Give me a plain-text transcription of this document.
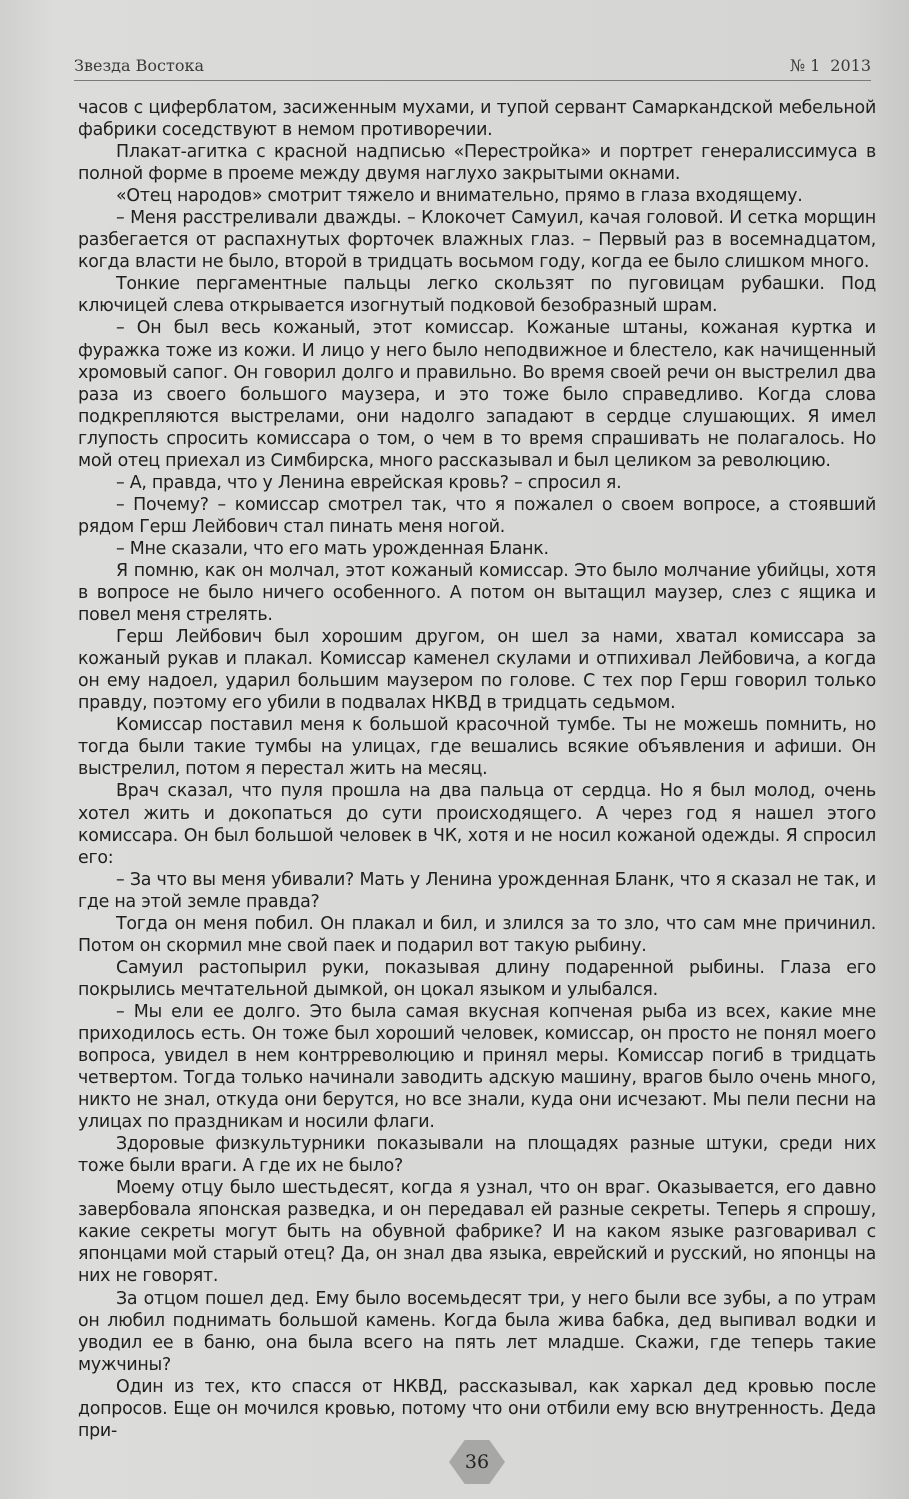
Звезда Востока	№ 1 2013

часов с циферблатом, засиженным мухами, и тупой сервант Самаркандской мебельной фабрики соседствуют в немом противоречии.

Плакат-агитка с красной надписью «Перестройка» и портрет генералиссимуса в полной форме в проеме между двумя наглухо закрытыми окнами.

«Отец народов» смотрит тяжело и внимательно, прямо в глаза входящему.

– Меня расстреливали дважды. – Клокочет Самуил, качая головой. И сетка морщин разбегается от распахнутых форточек влажных глаз. – Первый раз в восемнадцатом, когда власти не было, второй в тридцать восьмом году, когда ее было слишком много.

Тонкие пергаментные пальцы легко скользят по пуговицам рубашки. Под ключицей слева открывается изогнутый подковой безобразный шрам.

– Он был весь кожаный, этот комиссар. Кожаные штаны, кожаная куртка и фуражка тоже из кожи. И лицо у него было неподвижное и блестело, как начищенный хромовый сапог. Он говорил долго и правильно. Во время своей речи он выстрелил два раза из своего большого маузера, и это тоже было справедливо. Когда слова подкрепляются выстрелами, они надолго западают в сердце слушающих. Я имел глупость спросить комиссара о том, о чем в то время спрашивать не полагалось. Но мой отец приехал из Симбирска, много рассказывал и был целиком за революцию.

– А, правда, что у Ленина еврейская кровь? – спросил я.

– Почему? – комиссар смотрел так, что я пожалел о своем вопросе, а стоявший рядом Герш Лейбович стал пинать меня ногой.

– Мне сказали, что его мать урожденная Бланк.

Я помню, как он молчал, этот кожаный комиссар. Это было молчание убийцы, хотя в вопросе не было ничего особенного. А потом он вытащил маузер, слез с ящика и повел меня стрелять.

Герш Лейбович был хорошим другом, он шел за нами, хватал комиссара за кожаный рукав и плакал. Комиссар каменел скулами и отпихивал Лейбовича, а когда он ему надоел, ударил большим маузером по голове. С тех пор Герш говорил только правду, поэтому его убили в подвалах НКВД в тридцать седьмом.

Комиссар поставил меня к большой красочной тумбе. Ты не можешь помнить, но тогда были такие тумбы на улицах, где вешались всякие объявления и афиши. Он выстрелил, потом я перестал жить на месяц.

Врач сказал, что пуля прошла на два пальца от сердца. Но я был молод, очень хотел жить и докопаться до сути происходящего. А через год я нашел этого комиссара. Он был большой человек в ЧК, хотя и не носил кожаной одежды. Я спросил его:

– За что вы меня убивали? Мать у Ленина урожденная Бланк, что я сказал не так, и где на этой земле правда?

Тогда он меня побил. Он плакал и бил, и злился за то зло, что сам мне причинил. Потом он скормил мне свой паек и подарил вот такую рыбину.

Самуил растопырил руки, показывая длину подаренной рыбины. Глаза его покрылись мечтательной дымкой, он цокал языком и улыбался.

– Мы ели ее долго. Это была самая вкусная копченая рыба из всех, какие мне приходилось есть. Он тоже был хороший человек, комиссар, он просто не понял моего вопроса, увидел в нем контрреволюцию и принял меры. Комиссар погиб в тридцать четвертом. Тогда только начинали заводить адскую машину, врагов было очень много, никто не знал, откуда они берутся, но все знали, куда они исчезают. Мы пели песни на улицах по праздникам и носили флаги.

Здоровые физкультурники показывали на площадях разные штуки, среди них тоже были враги. А где их не было?

Моему отцу было шестьдесят, когда я узнал, что он враг. Оказывается, его давно завербовала японская разведка, и он передавал ей разные секреты. Теперь я спрошу, какие секреты могут быть на обувной фабрике? И на каком языке разговаривал с японцами мой старый отец? Да, он знал два языка, еврейский и русский, но японцы на них не говорят.

За отцом пошел дед. Ему было восемьдесят три, у него были все зубы, а по утрам он любил поднимать большой камень. Когда была жива бабка, дед выпивал водки и уводил ее в баню, она была всего на пять лет младше. Скажи, где теперь такие мужчины?

Один из тех, кто спасся от НКВД, рассказывал, как харкал дед кровью после допросов. Еще он мочился кровью, потому что они отбили ему всю внутренность. Деда при-

36
